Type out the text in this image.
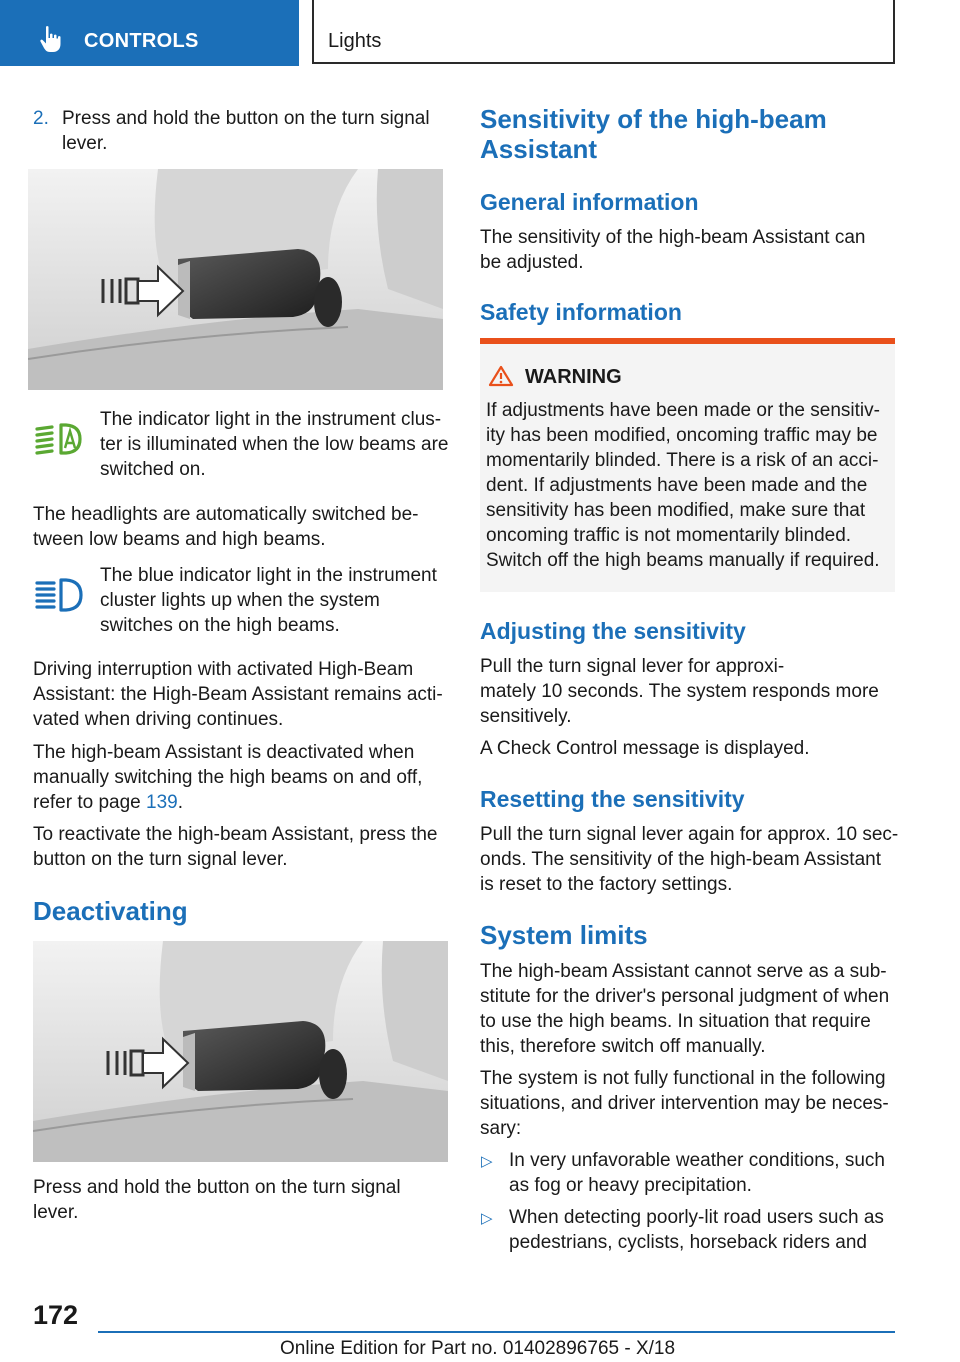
CONTROLS	Lights
2. Press and hold the button on the turn signal
lever.
The indicator light in the instrument clus‐
ter is illuminated when the low beams are
switched on.
The headlights are automatically switched be‐
tween low beams and high beams.
The blue indicator light in the instrument
cluster lights up when the system
switches on the high beams.
Driving interruption with activated High-Beam
Assistant: the High-Beam Assistant remains acti‐
vated when driving continues.
The high-beam Assistant is deactivated when
manually switching the high beams on and off,
refer to page 139.
To reactivate the high-beam Assistant, press the
button on the turn signal lever.
Deactivating
Press and hold the button on the turn signal
lever.
Sensitivity of the high-beam
Assistant
General information
The sensitivity of the high-beam Assistant can
be adjusted.
Safety information
WARNING
If adjustments have been made or the sensitiv‐
ity has been modified, oncoming traffic may be
momentarily blinded. There is a risk of an acci‐
dent. If adjustments have been made and the
sensitivity has been modified, make sure that
oncoming traffic is not momentarily blinded.
Switch off the high beams manually if required.
Adjusting the sensitivity
Pull the turn signal lever for approxi‐
mately 10 seconds. The system responds more
sensitively.
A Check Control message is displayed.
Resetting the sensitivity
Pull the turn signal lever again for approx. 10 sec‐
onds. The sensitivity of the high-beam Assistant
is reset to the factory settings.
System limits
The high-beam Assistant cannot serve as a sub‐
stitute for the driver's personal judgment of when
to use the high beams. In situation that require
this, therefore switch off manually.
The system is not fully functional in the following
situations, and driver intervention may be neces‐
sary:
▷ In very unfavorable weather conditions, such
as fog or heavy precipitation.
▷ When detecting poorly-lit road users such as
pedestrians, cyclists, horseback riders and
172
Online Edition for Part no. 01402896765 - X/18
